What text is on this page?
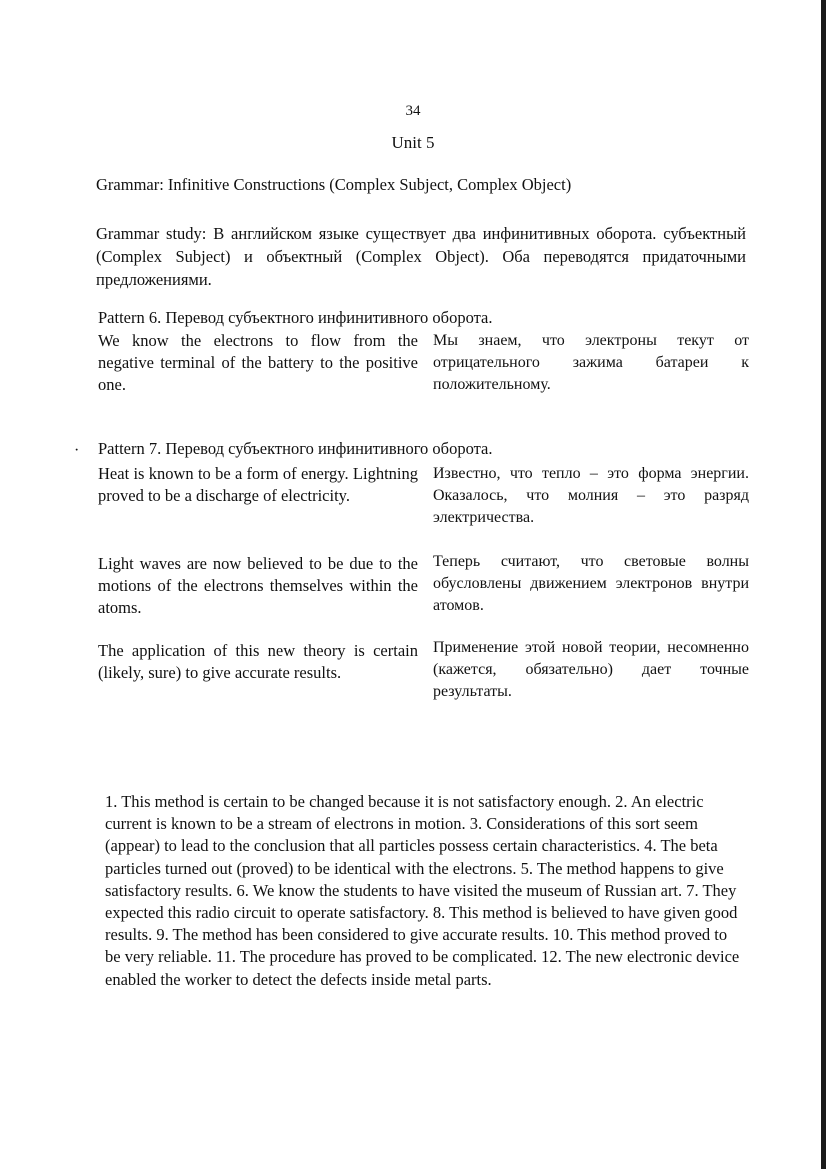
34
Unit 5
Grammar: Infinitive Constructions (Complex Subject, Complex Object)
Grammar study: В английском языке существует два инфинитивных оборота. субъектный (Complex Subject) и объектный (Complex Object). Оба переводятся придаточными предложениями.
Pattern 6. Перевод субъектного инфинитивного оборота.
We know the electrons to flow from the negative terminal of the battery to the positive one.
Мы знаем, что электроны текут от отрицательного зажима батареи к положительному.
· Pattern 7. Перевод субъектного инфинитивного оборота.
Heat is known to be a form of energy. Lightning proved to be a discharge of electricity.
Известно, что тепло – это форма энергии. Оказалось, что молния – это разряд электричества.
Light waves are now believed to be due to the motions of the electrons themselves within the atoms.
Теперь считают, что световые волны обусловлены движением электронов внутри атомов.
The application of this new theory is certain (likely, sure) to give accurate results.
Применение этой новой теории, несомненно (кажется, обязательно) дает точные результаты.
1. This method is certain to be changed because it is not satisfactory enough. 2. An electric current is known to be a stream of electrons in motion. 3. Considerations of this sort seem (appear) to lead to the conclusion that all particles possess certain characteristics. 4. The beta particles turned out (proved) to be identical with the electrons. 5. The method happens to give satisfactory results. 6. We know the students to have visited the museum of Russian art. 7. They expected this radio circuit to operate satisfactory. 8. This method is believed to have given good results. 9. The method has been considered to give accurate results. 10. This method proved to be very reliable. 11. The procedure has proved to be complicated. 12. The new electronic device enabled the worker to detect the defects inside metal parts.
